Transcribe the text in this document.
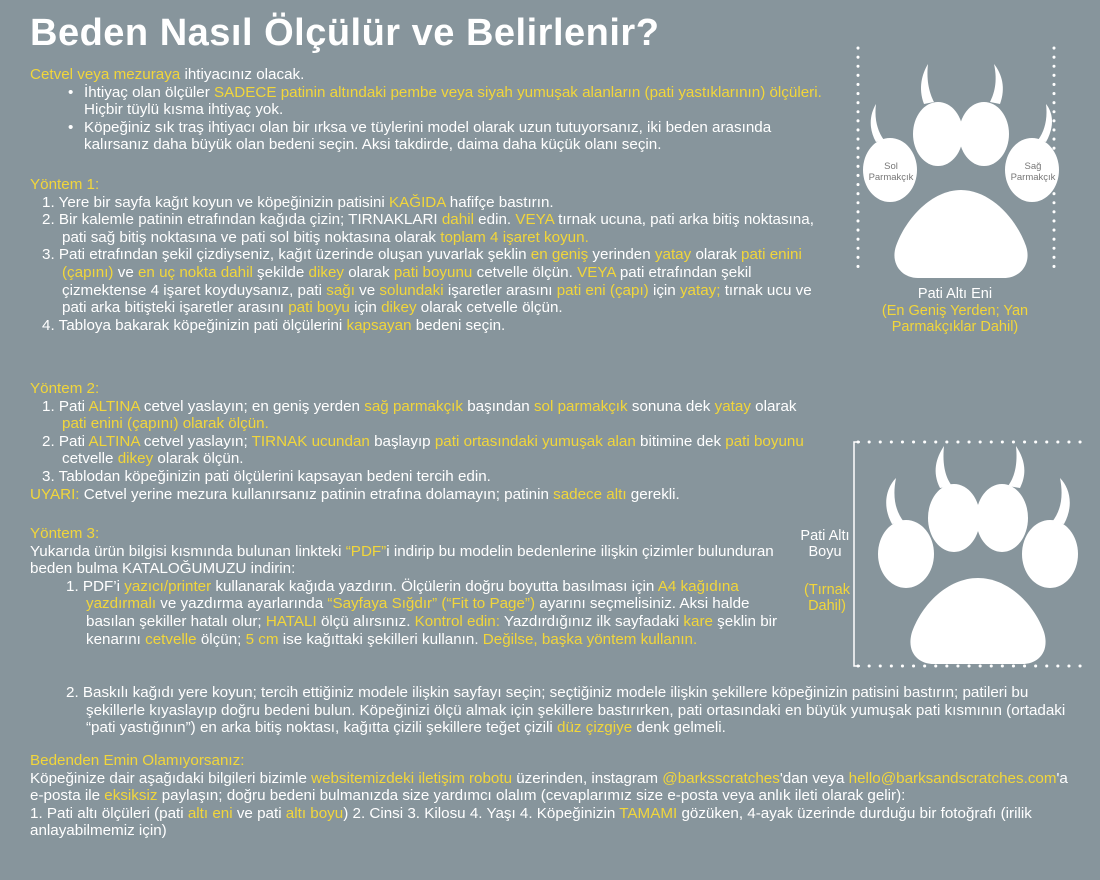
Beden Nasıl Ölçülür ve Belirlenir?
Cetvel veya mezuraya ihtiyacınız olacak.
• İhtiyaç olan ölçüler SADECE patinin altındaki pembe veya siyah yumuşak alanların (pati yastıklarının) ölçüleri. Hiçbir tüylü kısma ihtiyaç yok.
• Köpeğiniz sık traş ihtiyacı olan bir ırksa ve tüylerini model olarak uzun tutuyorsanız, iki beden arasında kalırsanız daha büyük olan bedeni seçin. Aksi takdirde, daima daha küçük olanı seçin.
Yöntem 1:
1. Yere bir sayfa kağıt koyun ve köpeğinizin patisini KAĞIDA hafifçe bastırın.
2. Bir kalemle patinin etrafından kağıda çizin; TIRNAKLARI dahil edin. VEYA tırnak ucuna, pati arka bitiş noktasına, pati sağ bitiş noktasına ve pati sol bitiş noktasına olarak toplam 4 işaret koyun.
3. Pati etrafından şekil çizdiyseniz, kağıt üzerinde oluşan yuvarlak şeklin en geniş yerinden yatay olarak pati enini (çapını) ve en uç nokta dahil şekilde dikey olarak pati boyunu cetvelle ölçün. VEYA pati etrafından şekil çizmektense 4 işaret koyduysanız, pati sağı ve solundaki işaretler arasını pati eni (çapı) için yatay; tırnak ucu ve pati arka bitişteki işaretler arasını pati boyu için dikey olarak cetvelle ölçün.
4. Tabloya bakarak köpeğinizin pati ölçülerini kapsayan bedeni seçin.
Yöntem 2:
1. Pati ALTINA cetvel yaslayın; en geniş yerden sağ parmakçık başından sol parmakçık sonuna dek yatay olarak pati enini (çapını) olarak ölçün.
2. Pati ALTINA cetvel yaslayın; TIRNAK ucundan başlayıp pati ortasındaki yumuşak alan bitimine dek pati boyunu cetvelle dikey olarak ölçün.
3. Tablodan köpeğinizin pati ölçülerini kapsayan bedeni tercih edin.
UYARI: Cetvel yerine mezura kullanırsanız patinin etrafına dolamayın; patinin sadece altı gerekli.
Yöntem 3:
Yukarıda ürün bilgisi kısmında bulunan linkteki “PDF”i indirip bu modelin bedenlerine ilişkin çizimler bulunduran beden bulma KATALOĞUMUZU indirin:
1. PDF’i yazıcı/printer kullanarak kağıda yazdırın. Ölçülerin doğru boyutta basılması için A4 kağıdına yazdırmalı ve yazdırma ayarlarında “Sayfaya Sığdır” (“Fit to Page”) ayarını seçmelisiniz. Aksi halde basılan şekiller hatalı olur; HATALI ölçü alırsınız. Kontrol edin: Yazdırdığınız ilk sayfadaki kare şeklin bir kenarını cetvelle ölçün; 5 cm ise kağıttaki şekilleri kullanın. Değilse, başka yöntem kullanın.
2. Baskılı kağıdı yere koyun; tercih ettiğiniz modele ilişkin sayfayı seçin; seçtiğiniz modele ilişkin şekillere köpeğinizin patisini bastırın; patileri bu şekillerle kıyaslayıp doğru bedeni bulun. Köpeğinizi ölçü almak için şekillere bastırırken, pati ortasındaki en büyük yumuşak pati kısmının (ortadaki “pati yastığının”) en arka bitiş noktası, kağıtta çizili şekillere teğet çizili düz çizgiye denk gelmeli.
Bedenden Emin Olamıyorsanız:
Köpeğinize dair aşağıdaki bilgileri bizimle websitemizdeki iletişim robotu üzerinden, instagram @barksscratches'dan veya hello@barksandscratches.com'a e-posta ile eksiksiz paylaşın; doğru bedeni bulmanızda size yardımcı olalım (cevaplarımız size e-posta veya anlık ileti olarak gelir):
1. Pati altı ölçüleri (pati altı eni ve pati altı boyu) 2. Cinsi 3. Kilosu 4. Yaşı 4. Köpeğinizin TAMAMI gözüken, 4-ayak üzerinde durduğu bir fotoğrafı (irilik anlayabilmemiz için)
Sol Parmakçık
Sağ Parmakçık
Pati Altı Eni
(En Geniş Yerden; Yan Parmakçıklar Dahil)
Pati Altı Boyu
(Tırnak Dahil)
